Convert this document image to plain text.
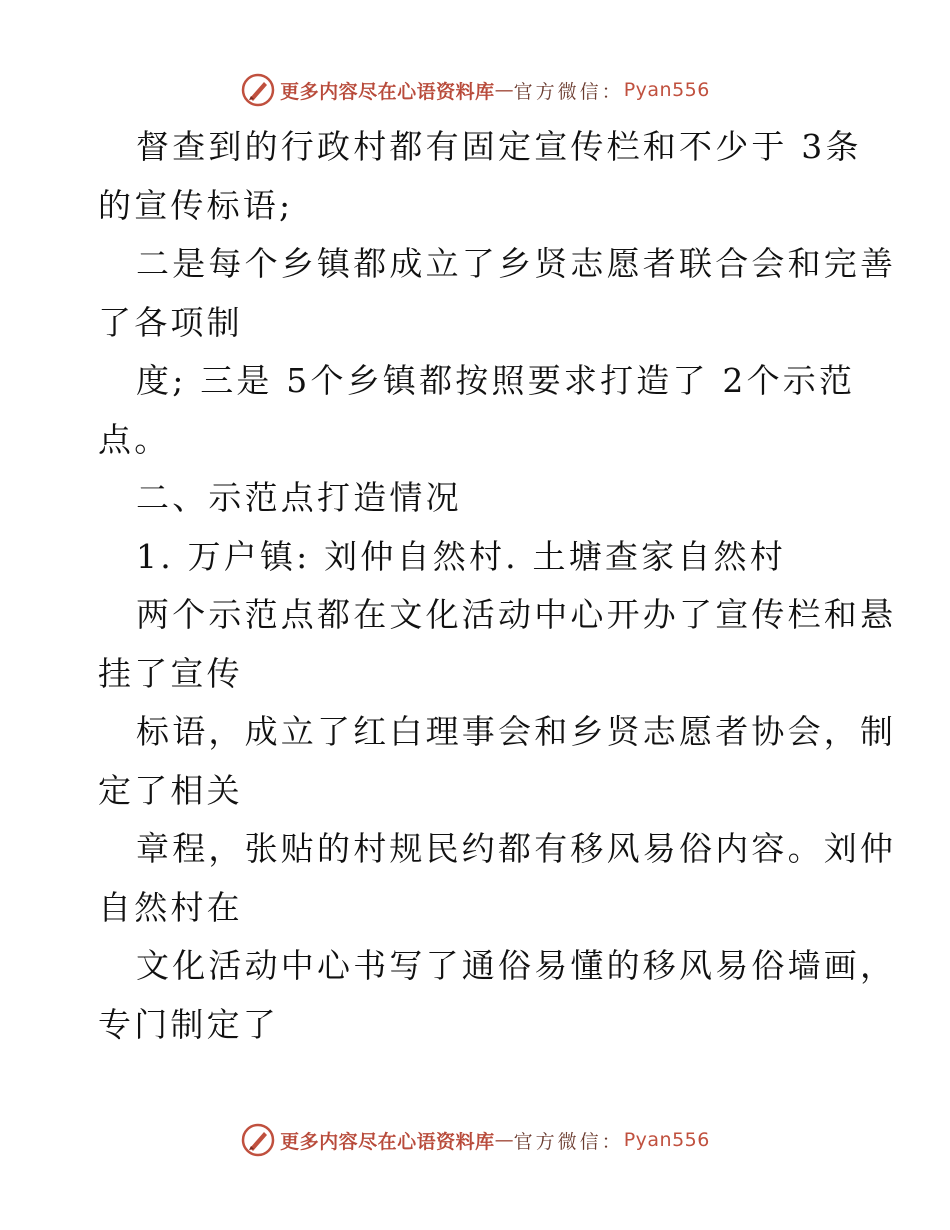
更多内容尽在心语资料库 — 官方微信： Pyan556
督查到的行政村都有固定宣传栏和不少于 3条
的宣传标语;
二是每个乡镇都成立了乡贤志愿者联合会和完善
了各项制
度; 三是 5个乡镇都按照要求打造了 2个示范
点。
二、示范点打造情况
1. 万户镇: 刘仲自然村. 土塘查家自然村
两个示范点都在文化活动中心开办了宣传栏和悬
挂了宣传
标语，成立了红白理事会和乡贤志愿者协会，制
定了相关
章程，张贴的村规民约都有移风易俗内容。刘仲
自然村在
文化活动中心书写了通俗易懂的移风易俗墙画，
专门制定了
更多内容尽在心语资料库 — 官方微信： Pyan556
